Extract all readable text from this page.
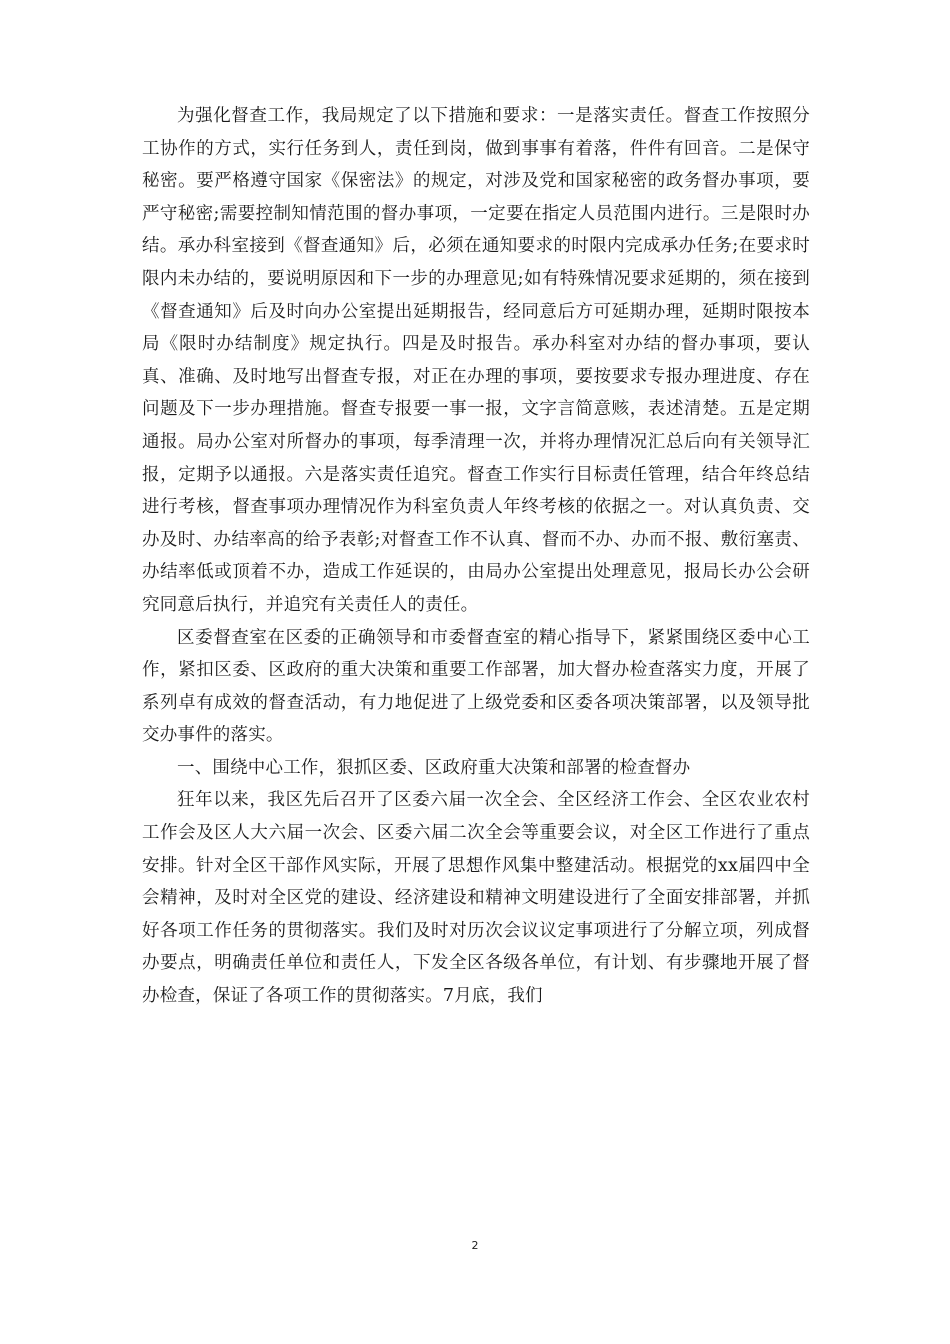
为强化督查工作，我局规定了以下措施和要求：一是落实责任。督查工作按照分工协作的方式，实行任务到人，责任到岗，做到事事有着落，件件有回音。二是保守秘密。要严格遵守国家《保密法》的规定，对涉及党和国家秘密的政务督办事项，要严守秘密;需要控制知情范围的督办事项，一定要在指定人员范围内进行。三是限时办结。承办科室接到《督查通知》后，必须在通知要求的时限内完成承办任务;在要求时限内未办结的，要说明原因和下一步的办理意见;如有特殊情况要求延期的，须在接到《督查通知》后及时向办公室提出延期报告，经同意后方可延期办理，延期时限按本局《限时办结制度》规定执行。四是及时报告。承办科室对办结的督办事项，要认真、准确、及时地写出督查专报，对正在办理的事项，要按要求专报办理进度、存在问题及下一步办理措施。督查专报要一事一报，文字言简意赅，表述清楚。五是定期通报。局办公室对所督办的事项，每季清理一次，并将办理情况汇总后向有关领导汇报，定期予以通报。六是落实责任追究。督查工作实行目标责任管理，结合年终总结进行考核，督查事项办理情况作为科室负责人年终考核的依据之一。对认真负责、交办及时、办结率高的给予表彰;对督查工作不认真、督而不办、办而不报、敷衍塞责、办结率低或顶着不办，造成工作延误的，由局办公室提出处理意见，报局长办公会研究同意后执行，并追究有关责任人的责任。

区委督查室在区委的正确领导和市委督查室的精心指导下，紧紧围绕区委中心工作，紧扣区委、区政府的重大决策和重要工作部署，加大督办检查落实力度，开展了系列卓有成效的督查活动，有力地促进了上级党委和区委各项决策部署，以及领导批交办事件的落实。

一、围绕中心工作，狠抓区委、区政府重大决策和部署的检查督办

狂年以来，我区先后召开了区委六届一次全会、全区经济工作会、全区农业农村工作会及区人大六届一次会、区委六届二次全会等重要会议，对全区工作进行了重点安排。针对全区干部作风实际，开展了思想作风集中整建活动。根据党的xx届四中全会精神，及时对全区党的建设、经济建设和精神文明建设进行了全面安排部署，并抓好各项工作任务的贯彻落实。我们及时对历次会议议定事项进行了分解立项，列成督办要点，明确责任单位和责任人，下发全区各级各单位，有计划、有步骤地开展了督办检查，保证了各项工作的贯彻落实。7月底，我们

2
